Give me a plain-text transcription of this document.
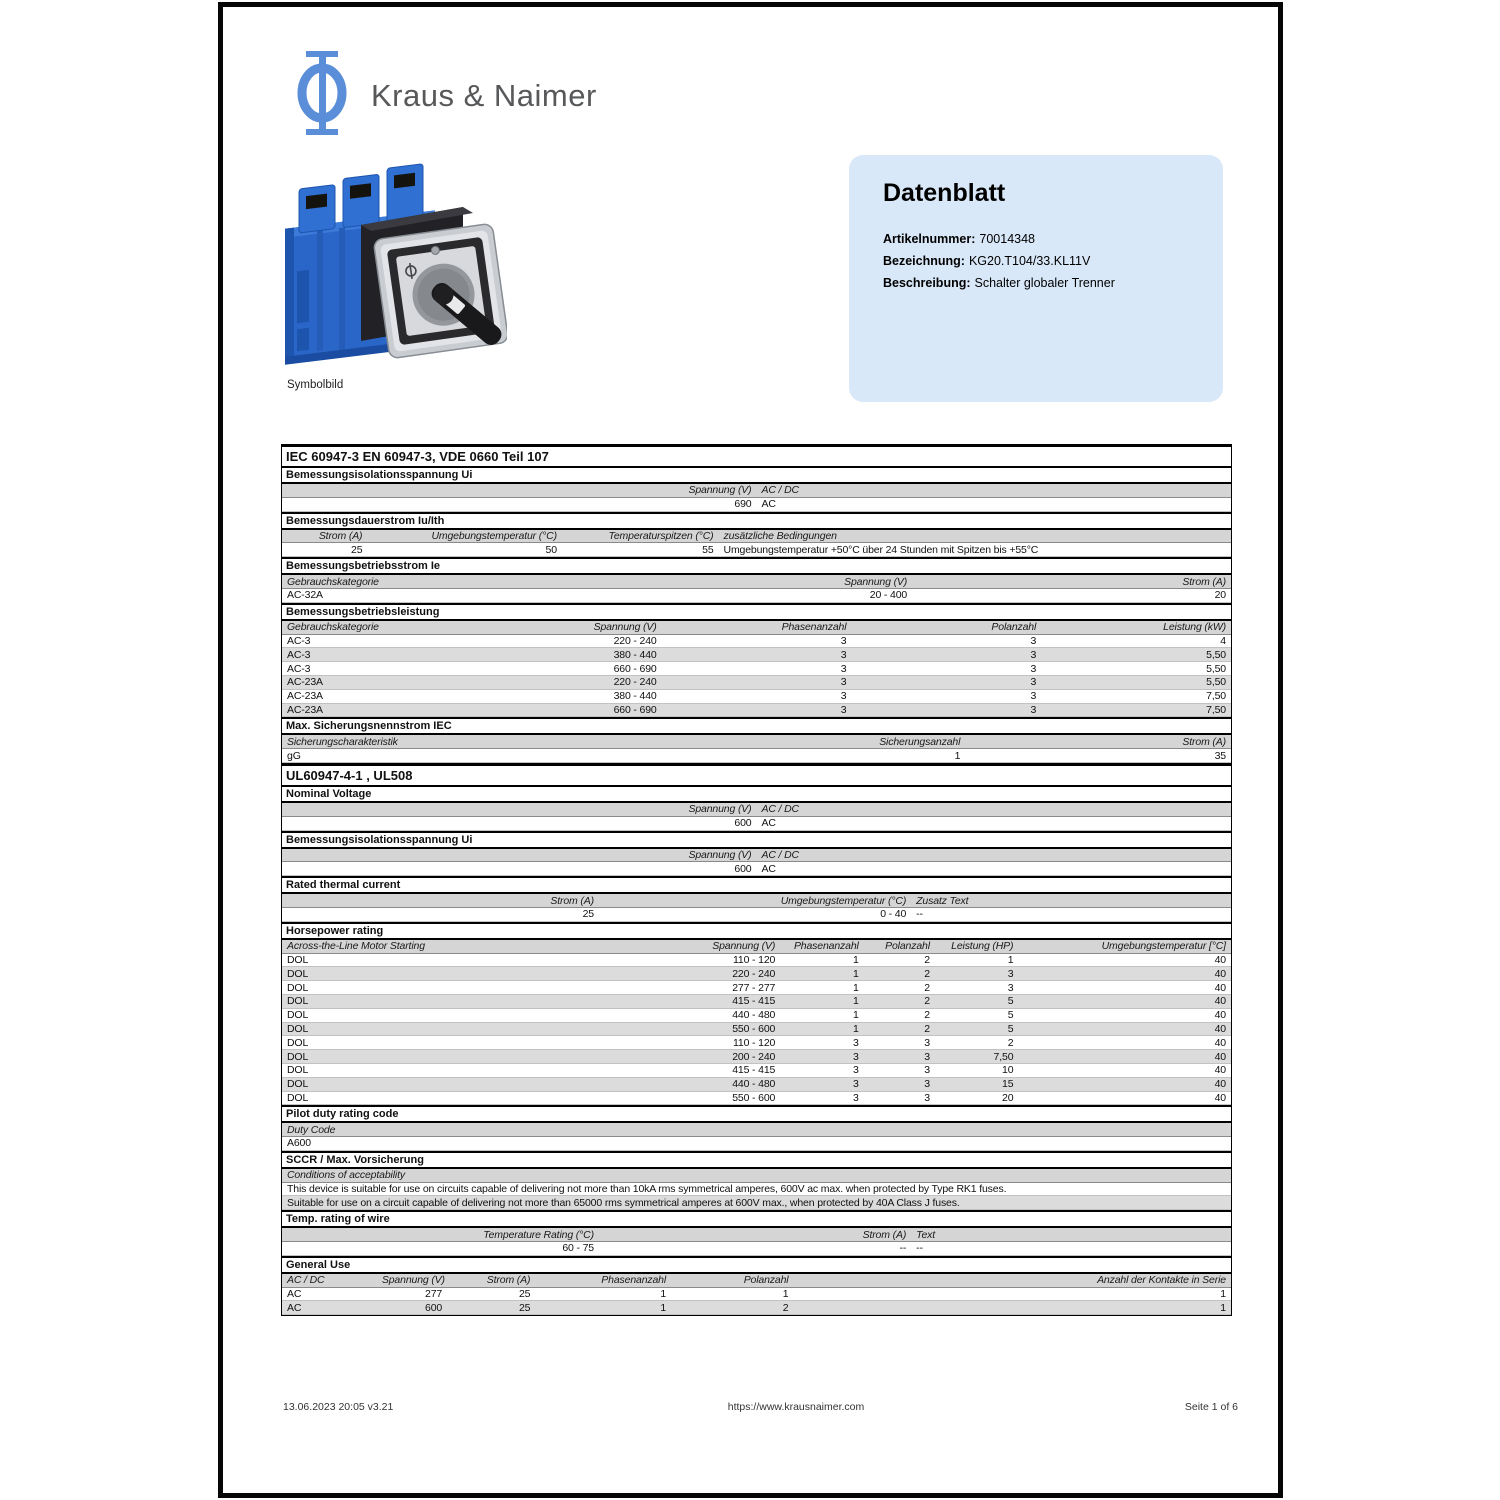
Kraus & Naimer
Symbolbild
Datenblatt
Artikelnummer: 70014348
Bezeichnung: KG20.T104/33.KL11V
Beschreibung: Schalter globaler Trenner
IEC 60947-3 EN 60947-3, VDE 0660 Teil 107
Bemessungsisolationsspannung Ui
Spannung (V) AC / DC
690 AC
Bemessungsdauerstrom Iu/Ith
Strom (A)	Umgebungstemperatur (°C)	Temperaturspitzen (°C) zusätzliche Bedingungen
25	50	55 Umgebungstemperatur +50°C über 24 Stunden mit Spitzen bis +55°C
Bemessungsbetriebsstrom Ie
Gebrauchskategorie	Spannung (V)	Strom (A)
AC-32A	20 - 400	20
Bemessungsbetriebsleistung
Gebrauchskategorie	Spannung (V)	Phasenanzahl	Polanzahl	Leistung (kW)
AC-3	220 - 240	3	3	4
AC-3	380 - 440	3	3	5,50
AC-3	660 - 690	3	3	5,50
AC-23A	220 - 240	3	3	5,50
AC-23A	380 - 440	3	3	7,50
AC-23A	660 - 690	3	3	7,50
Max. Sicherungsnennstrom IEC
Sicherungscharakteristik	Sicherungsanzahl	Strom (A)
gG	1	35
UL60947-4-1 , UL508
Nominal Voltage
Spannung (V) AC / DC
600 AC
Bemessungsisolationsspannung Ui
Spannung (V) AC / DC
600 AC
Rated thermal current
Strom (A)	Umgebungstemperatur (°C) Zusatz Text
25	0 - 40 --
Horsepower rating
Across-the-Line Motor Starting	Spannung (V)	Phasenanzahl	Polanzahl	Leistung (HP)	Umgebungstemperatur [°C]
DOL	110 - 120	1	2	1	40
DOL	220 - 240	1	2	3	40
DOL	277 - 277	1	2	3	40
DOL	415 - 415	1	2	5	40
DOL	440 - 480	1	2	5	40
DOL	550 - 600	1	2	5	40
DOL	110 - 120	3	3	2	40
DOL	200 - 240	3	3	7,50	40
DOL	415 - 415	3	3	10	40
DOL	440 - 480	3	3	15	40
DOL	550 - 600	3	3	20	40
Pilot duty rating code
Duty Code
A600
SCCR / Max. Vorsicherung
Conditions of acceptability
This device is suitable for use on circuits capable of delivering not more than 10kA rms symmetrical amperes, 600V ac max. when protected by Type RK1 fuses.
Suitable for use on a circuit capable of delivering not more than 65000 rms symmetrical amperes at 600V max., when protected by 40A Class J fuses.
Temp. rating of wire
Temperature Rating (°C)	Strom (A) Text
60 - 75	-- --
General Use
AC / DC	Spannung (V)	Strom (A)	Phasenanzahl	Polanzahl	Anzahl der Kontakte in Serie
AC	277	25	1	1	1
AC	600	25	1	2	1
13.06.2023 20:05 v3.21	https://www.krausnaimer.com	Seite 1 of 6
